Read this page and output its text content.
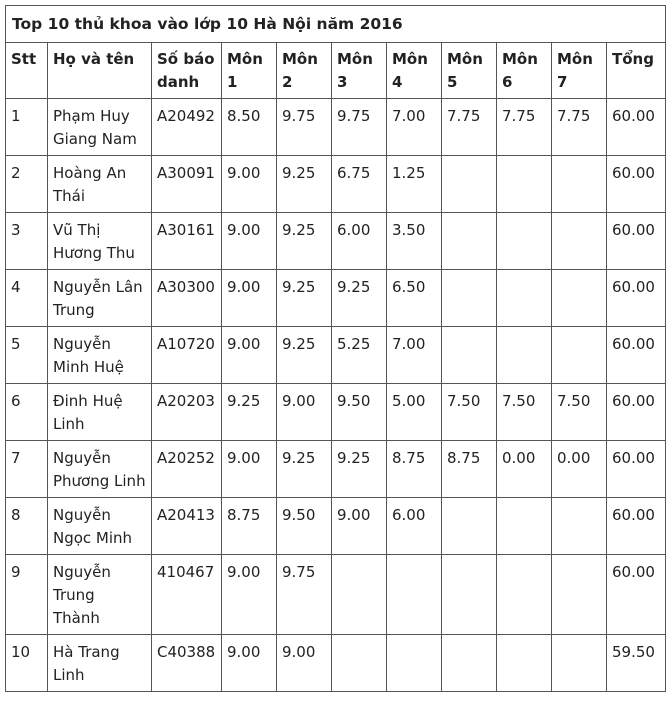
Top 10 thủ khoa vào lớp 10 Hà Nội năm 2016										
Stt	Họ và tên	Số báo danh	Môn 1	Môn 2	Môn 3	Môn 4	Môn 5	Môn 6	Môn 7	Tổng
1	Phạm Huy Giang Nam	A20492	8.50	9.75	9.75	7.00	7.75	7.75	7.75	60.00
2	Hoàng An Thái	A30091	9.00	9.25	6.75	1.25				60.00
3	Vũ Thị Hương Thu	A30161	9.00	9.25	6.00	3.50				60.00
4	Nguyễn Lân Trung	A30300	9.00	9.25	9.25	6.50				60.00
5	Nguyễn Minh Huệ	A10720	9.00	9.25	5.25	7.00				60.00
6	Đinh Huệ Linh	A20203	9.25	9.00	9.50	5.00	7.50	7.50	7.50	60.00
7	Nguyễn Phương Linh	A20252	9.00	9.25	9.25	8.75	8.75	0.00	0.00	60.00
8	Nguyễn Ngọc Minh	A20413	8.75	9.50	9.00	6.00				60.00
9	Nguyễn Trung Thành	410467	9.00	9.75						60.00
10	Hà Trang Linh	C40388	9.00	9.00						59.50
